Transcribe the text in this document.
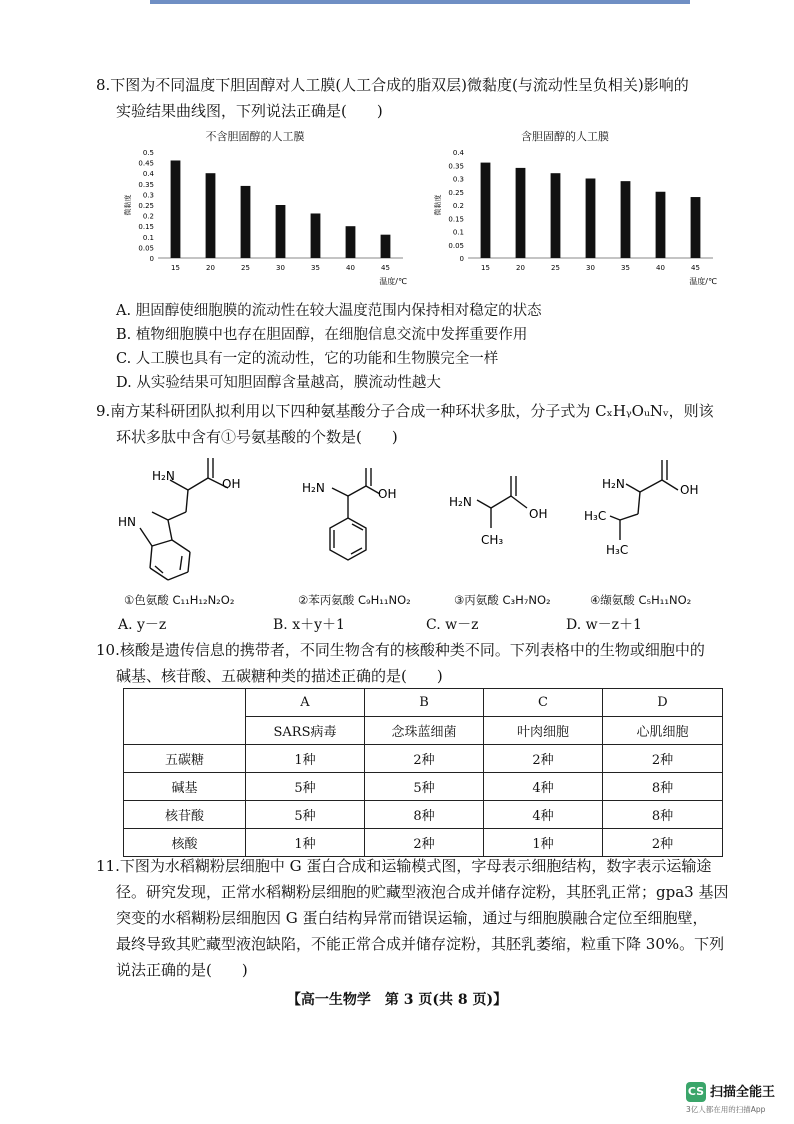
8.下图为不同温度下胆固醇对人工膜(人工合成的脂双层)微黏度(与流动性呈负相关)影响的
实验结果曲线图，下列说法正确是(　　)
不含胆固醇的人工膜	含胆固醇的人工膜
0
0.05
0.1
0.15
0.2
0.25
0.3
0.35
0.4
0.45
0.5
15	20	25	30	35	40	45
微黏度
温度/℃
0
0.05
0.1
0.15
0.2
0.25
0.3
0.35
0.4
15	20	25	30	35	40	45
微黏度
温度/℃
A. 胆固醇使细胞膜的流动性在较大温度范围内保持相对稳定的状态
B. 植物细胞膜中也存在胆固醇，在细胞信息交流中发挥重要作用
C. 人工膜也具有一定的流动性，它的功能和生物膜完全一样
D. 从实验结果可知胆固醇含量越高，膜流动性越大
9.南方某科研团队拟利用以下四种氨基酸分子合成一种环状多肽，分子式为 CₓHᵧOᵤNᵥ，则该
环状多肽中含有①号氨基酸的个数是(　　)
H₂N
OH
HN
H₂N	OH
H₂N
OH
CH₃
H₂N	OH
H₃C
H₃C
①色氨酸 C₁₁H₁₂N₂O₂	②苯丙氨酸 C₉H₁₁NO₂	③丙氨酸 C₃H₇NO₂	④缬氨酸 C₅H₁₁NO₂
A. y－z	B. x＋y＋1	C. w－z	D. w－z＋1
10.核酸是遗传信息的携带者，不同生物含有的核酸种类不同。下列表格中的生物或细胞中的
碱基、核苷酸、五碳糖种类的描述正确的是(　　)
	A	B	C	D
	SARS病毒	念珠蓝细菌	叶肉细胞	心肌细胞
五碳糖	1种	2种	2种	2种
碱基	5种	5种	4种	8种
核苷酸	5种	8种	4种	8种
核酸	1种	2种	1种	2种
11.下图为水稻糊粉层细胞中 G 蛋白合成和运输模式图，字母表示细胞结构，数字表示运输途
径。研究发现，正常水稻糊粉层细胞的贮藏型液泡合成并储存淀粉，其胚乳正常；gpa3 基因
突变的水稻糊粉层细胞因 G 蛋白结构异常而错误运输，通过与细胞膜融合定位至细胞壁，
最终导致其贮藏型液泡缺陷，不能正常合成并储存淀粉，其胚乳萎缩，粒重下降 30%。下列
说法正确的是(　　)
【高一生物学　第 3 页(共 8 页)】
CS 扫描全能王
3亿人都在用的扫描App
